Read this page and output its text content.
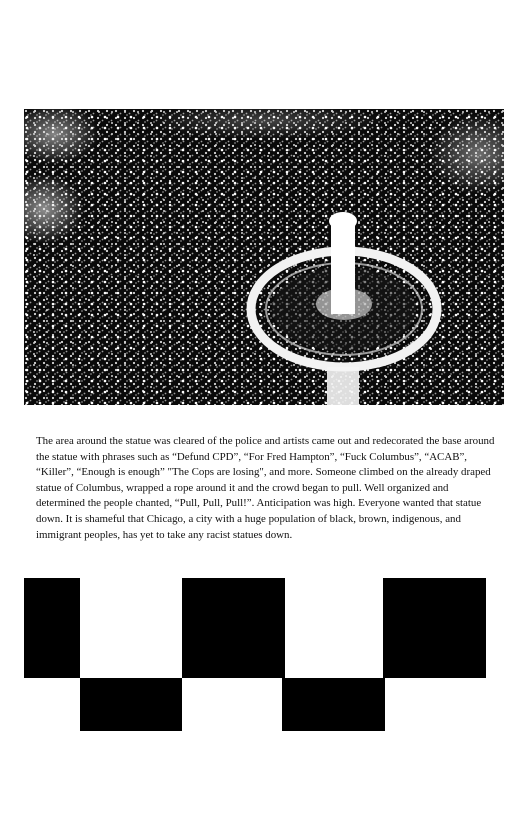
The area around the statue was cleared of the police and artists came out and redecorated the base around the statue with phrases such as “Defund CPD”, “For Fred Hampton”, “Fuck Columbus”, “ACAB”, “Killer”, “Enough is enough” "The Cops are losing", and more. Someone climbed on the already draped statue of Columbus, wrapped a rope around it and the crowd began to pull. Well organized and determined the people chanted, “Pull, Pull, Pull!”. Anticipation was high. Everyone wanted that statue down. It is shameful that Chicago, a city with a huge population of black, brown, indigenous, and immigrant peoples, has yet to take any racist statues down.
